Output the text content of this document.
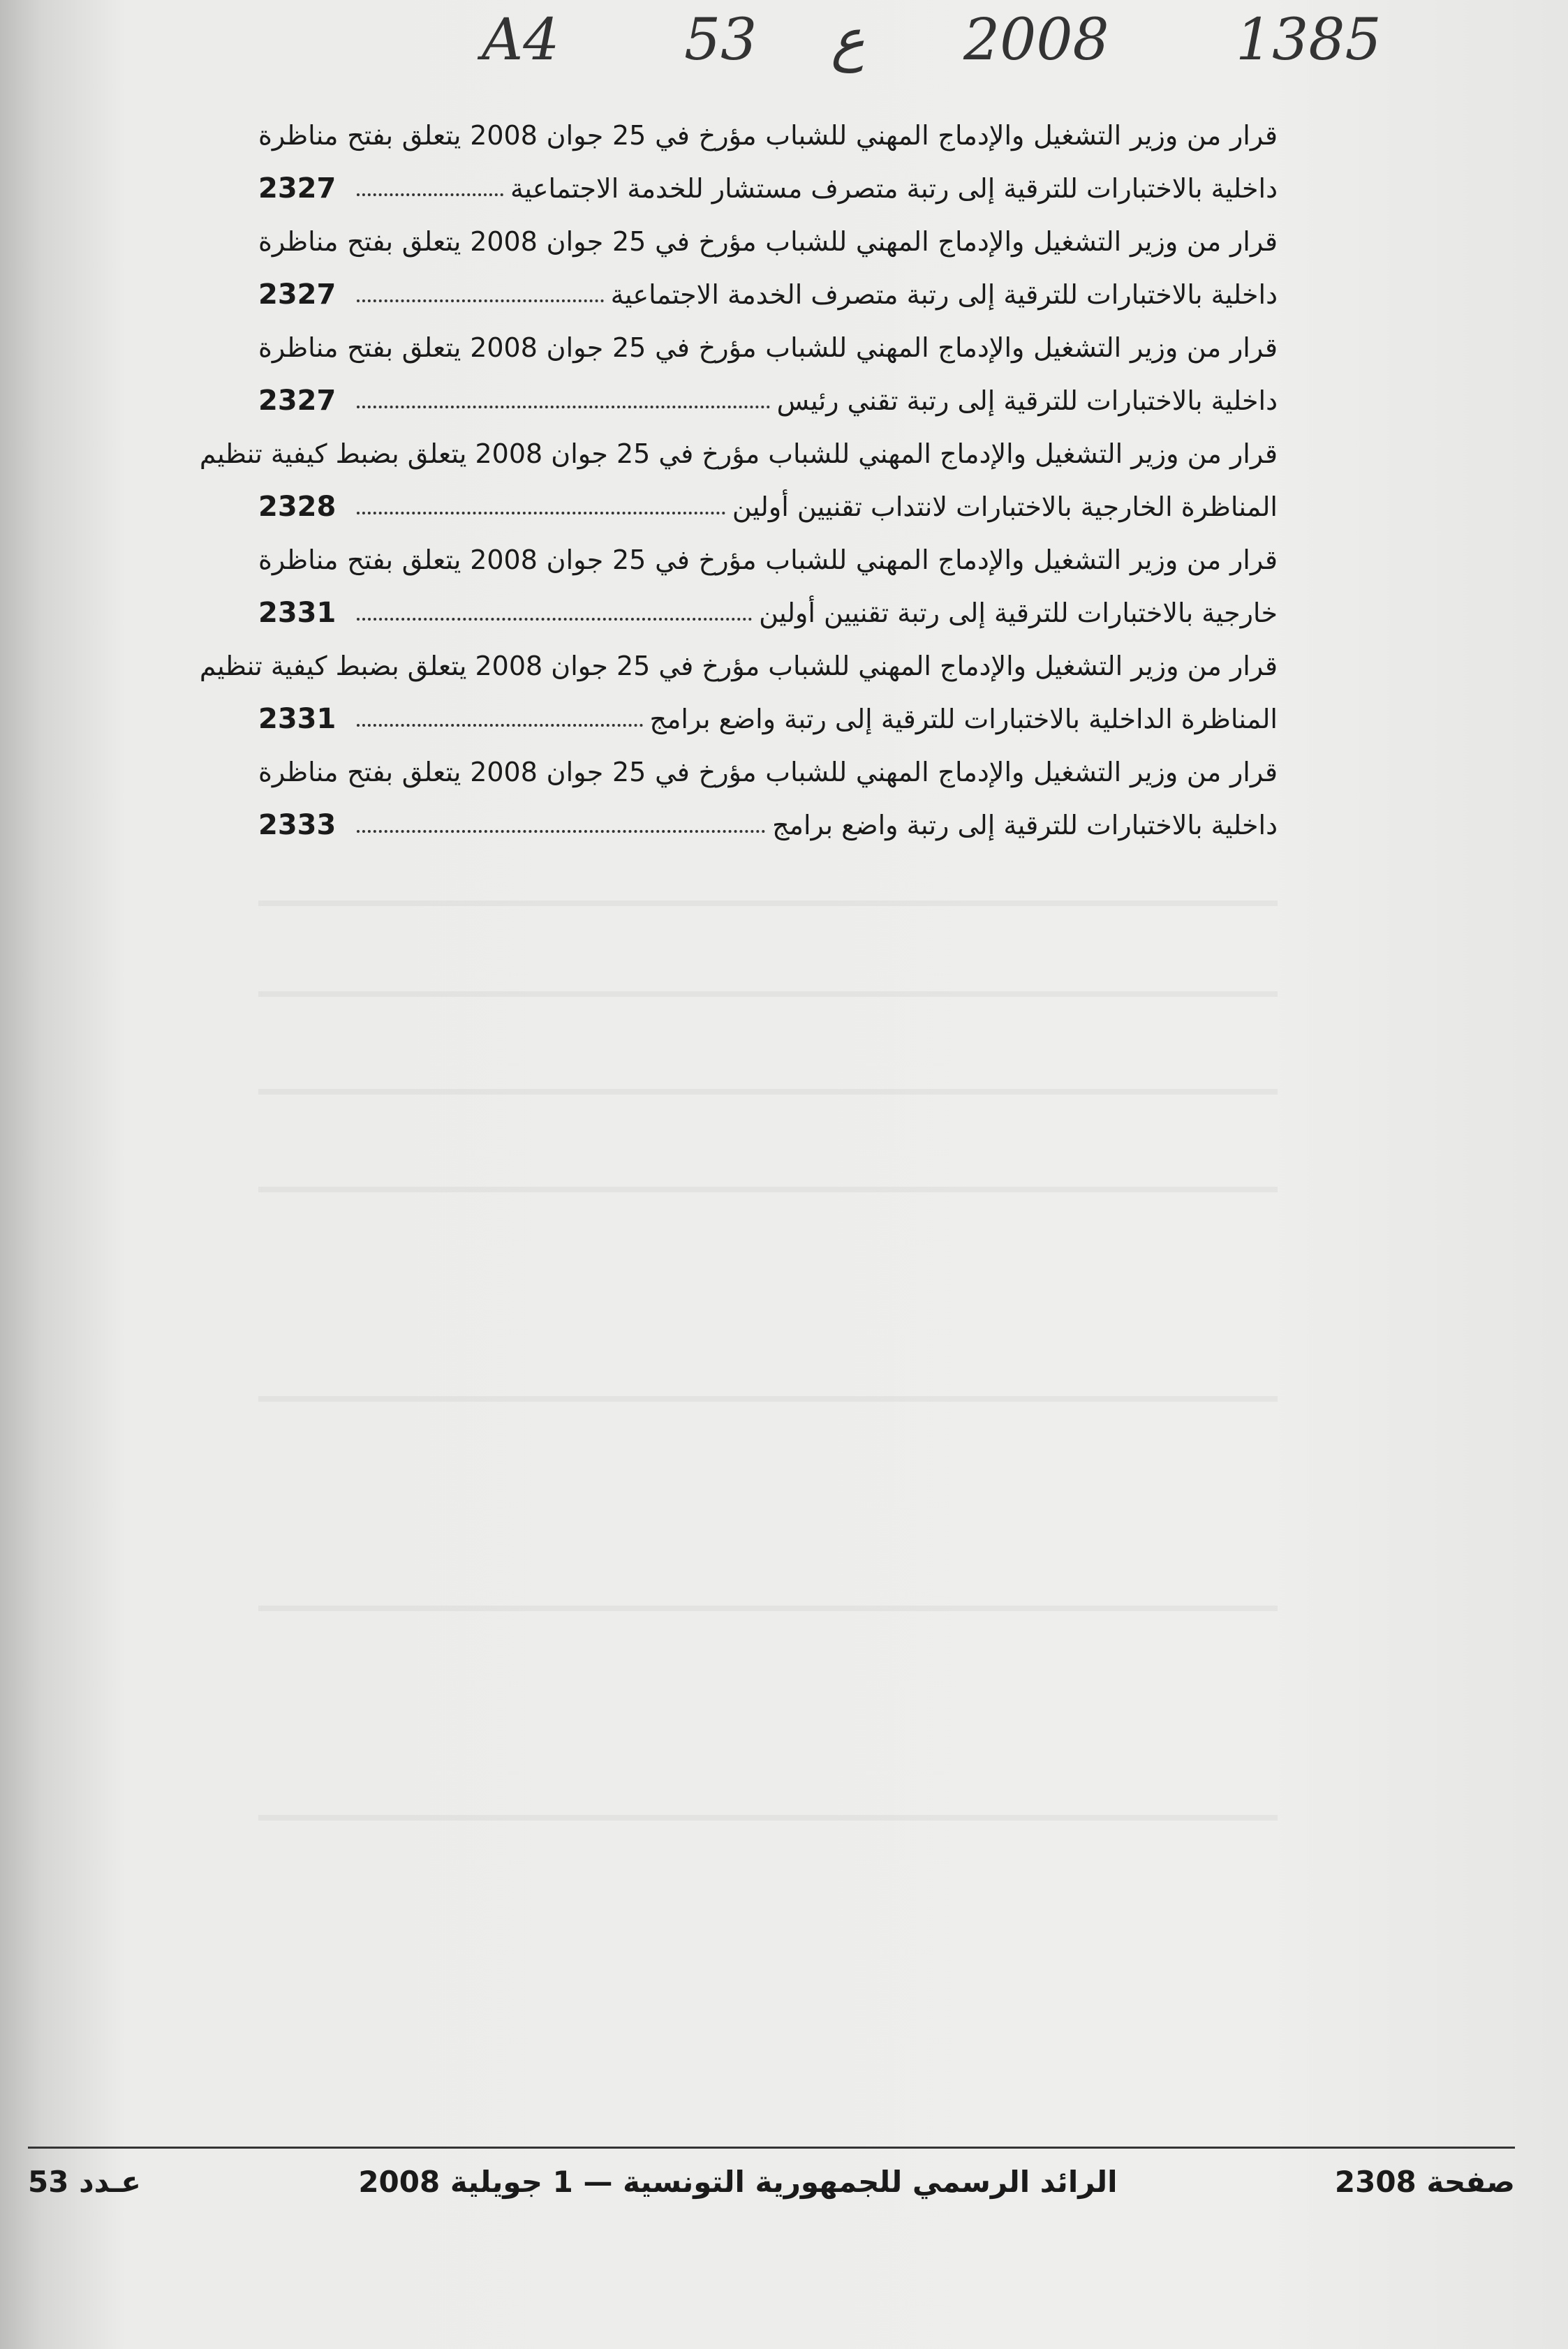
A4 53 ع 2008 1385
قرار من وزير التشغيل والإدماج المهني للشباب مؤرخ في 25 جوان 2008 يتعلق بفتح مناظرة
داخلية بالاختبارات للترقية إلى رتبة متصرف مستشار للخدمة الاجتماعية
2327
قرار من وزير التشغيل والإدماج المهني للشباب مؤرخ في 25 جوان 2008 يتعلق بفتح مناظرة
داخلية بالاختبارات للترقية إلى رتبة متصرف الخدمة الاجتماعية
2327
قرار من وزير التشغيل والإدماج المهني للشباب مؤرخ في 25 جوان 2008 يتعلق بفتح مناظرة
داخلية بالاختبارات للترقية إلى رتبة تقني رئيس
2327
قرار من وزير التشغيل والإدماج المهني للشباب مؤرخ في 25 جوان 2008 يتعلق بضبط كيفية تنظيم
المناظرة الخارجية بالاختبارات لانتداب تقنيين أولين
2328
قرار من وزير التشغيل والإدماج المهني للشباب مؤرخ في 25 جوان 2008 يتعلق بفتح مناظرة
خارجية بالاختبارات للترقية إلى رتبة تقنيين أولين
2331
قرار من وزير التشغيل والإدماج المهني للشباب مؤرخ في 25 جوان 2008 يتعلق بضبط كيفية تنظيم
المناظرة الداخلية بالاختبارات للترقية إلى رتبة واضع برامج
2331
قرار من وزير التشغيل والإدماج المهني للشباب مؤرخ في 25 جوان 2008 يتعلق بفتح مناظرة
داخلية بالاختبارات للترقية إلى رتبة واضع برامج
2333
عـدد 53	الرائد الرسمي للجمهورية التونسية — 1 جويلية 2008	صفحة 2308
